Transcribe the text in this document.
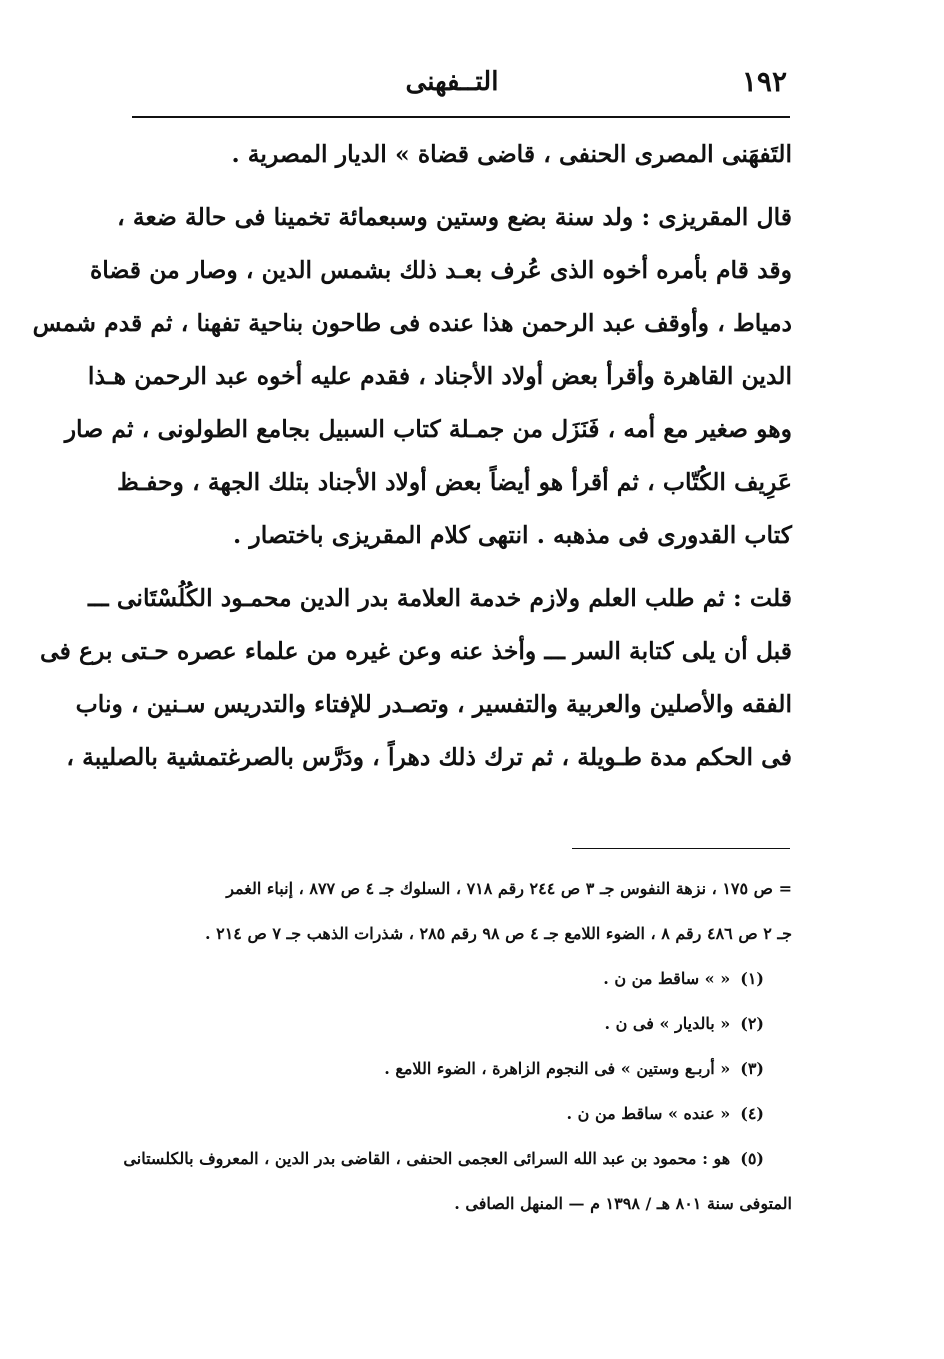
١٩٢
التــفهنى
التَفهَنى المصرى الحنفى ، قاضى قضاة » الديار المصرية .
قال المقريزى : ولد سنة بضع وستين وسبعمائة تخمينا فى حالة ضعة ،
وقد قام بأمره أخوه الذى عُرف بعـد ذلك بشمس الدين ، وصار من قضاة
دمياط ، وأوقف عبد الرحمن هذا عنده فى طاحون بناحية تفهنا ، ثم قدم شمس
الدين القاهرة وأقرأ بعض أولاد الأجناد ، فقدم عليه أخوه عبد الرحمن هـذا
وهو صغير مع أمه ، فَنَزَل من جمـلة كتاب السبيل بجامع الطولونى ، ثم صار
عَرِيف الكُتّاب ، ثم أقرأ هو أيضاً بعض أولاد الأجناد بتلك الجهة ، وحفـظ
كتاب القدورى فى مذهبه . انتهى كلام المقريزى باختصار .
قلت : ثم طلب العلم ولازم خدمة العلامة بدر الدين محمـود الكُلُسْتَانى ـــ
قبل أن يلى كتابة السر ـــ وأخذ عنه وعن غيره من علماء عصره حـتى برع فى
الفقه والأصلين والعربية والتفسير ، وتصـدر للإفتاء والتدريس سـنين ، وناب
فى الحكم مدة طـويلة ، ثم ترك ذلك دهراً ، ودَرَّس بالصرغتمشية بالصليبة ،
= ص ١٧٥ ، نزهة النفوس جـ ٣ ص ٢٤٤ رقم ٧١٨ ، السلوك جـ ٤ ص ٨٧٧ ، إنباء الغمر
جـ ٢ ص ٤٨٦ رقم ٨ ، الضوء اللامع جـ ٤ ص ٩٨ رقم ٢٨٥ ، شذرات الذهب جـ ٧ ص ٢١٤ .
(١)« » ساقط من ن .
(٢)« بالديار » فى ن .
(٣)« أربـع وستين » فى النجوم الزاهرة ، الضوء اللامع .
(٤)« عنده » ساقط من ن .
(٥)هو : محمود بن عبد الله السرائى العجمى الحنفى ، القاضى بدر الدين ، المعروف بالكلستانى
المتوفى سنة ٨٠١ هـ / ١٣٩٨ م — المنهل الصافى .
